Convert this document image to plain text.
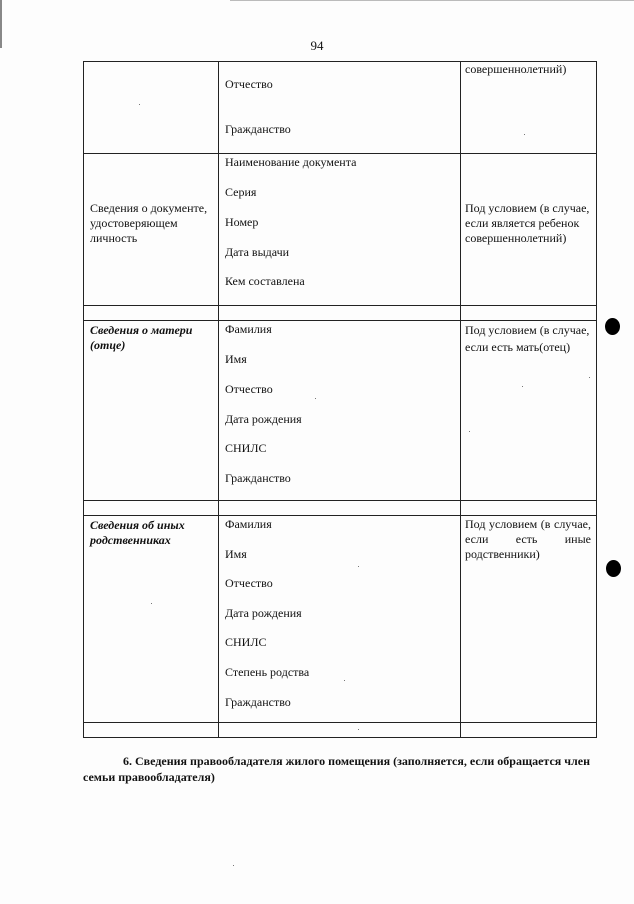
94
Отчество
Гражданство
совершеннолетний)
Сведения о документе, удостоверяющем личность
Наименование документа
Серия
Номер
Дата выдачи
Кем составлена
Под условием (в случае, если является ребенок совершеннолетний)
Сведения о матери (отце)
Фамилия
Имя
Отчество
Дата рождения
СНИЛС
Гражданство
Под условием (в случае, если есть мать(отец)
Сведения об иных родственниках
Фамилия
Имя
Отчество
Дата рождения
СНИЛС
Степень родства
Гражданство
Под условием (в случае, если есть иные родственники)
6. Сведения правообладателя жилого помещения (заполняется, если обращается член семьи правообладателя)
